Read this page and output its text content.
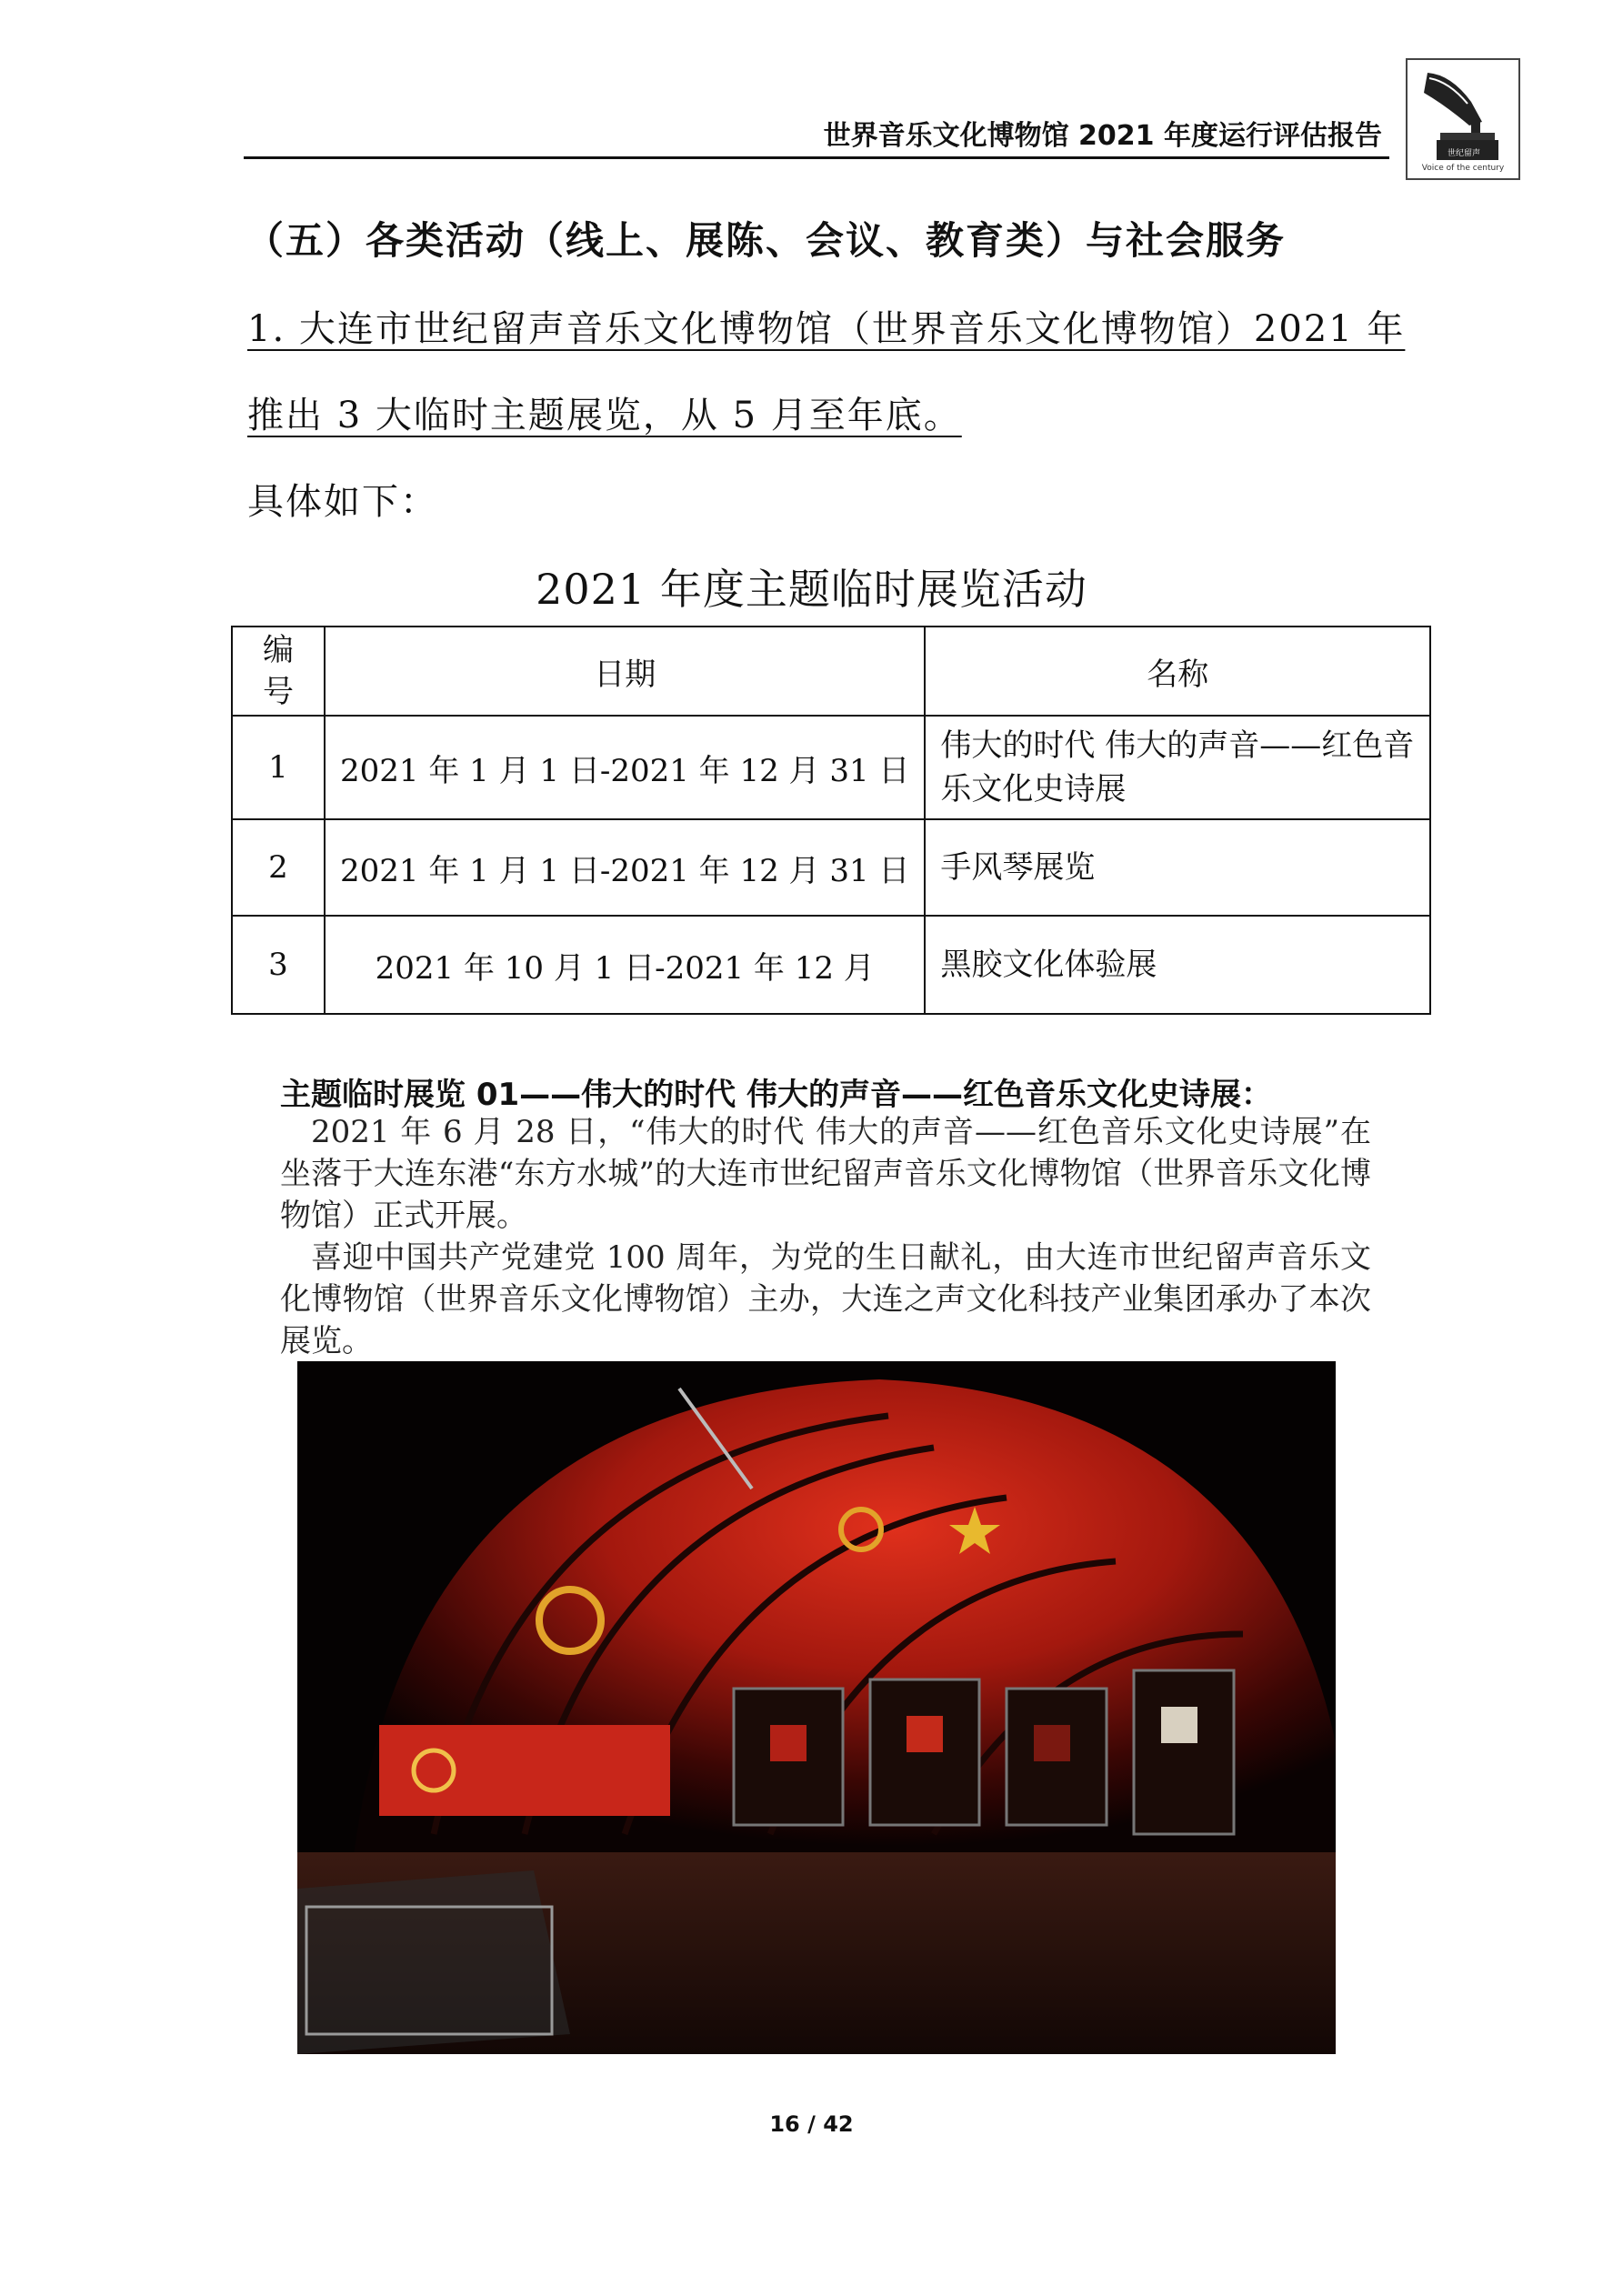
世界音乐文化博物馆 2021 年度运行评估报告
世纪留声
Voice of the century
（五）各类活动（线上、展陈、会议、教育类）与社会服务
1. 大连市世纪留声音乐文化博物馆（世界音乐文化博物馆）2021 年
推出 3 大临时主题展览，从 5 月至年底。
具体如下：
2021 年度主题临时展览活动
编
号	日期	名称
1	2021 年 1 月 1 日-2021 年 12 月 31 日	伟大的时代 伟大的声音——红色音乐文化史诗展
2	2021 年 1 月 1 日-2021 年 12 月 31 日	手风琴展览
3	2021 年 10 月 1 日-2021 年 12 月	黑胶文化体验展
主题临时展览 01——伟大的时代 伟大的声音——红色音乐文化史诗展：
2021 年 6 月 28 日，“伟大的时代 伟大的声音——红色音乐文化史诗展”在坐落于大连东港“东方水城”的大连市世纪留声音乐文化博物馆（世界音乐文化博物馆）正式开展。
喜迎中国共产党建党 100 周年，为党的生日献礼，由大连市世纪留声音乐文化博物馆（世界音乐文化博物馆）主办，大连之声文化科技产业集团承办了本次展览。
16 / 42
